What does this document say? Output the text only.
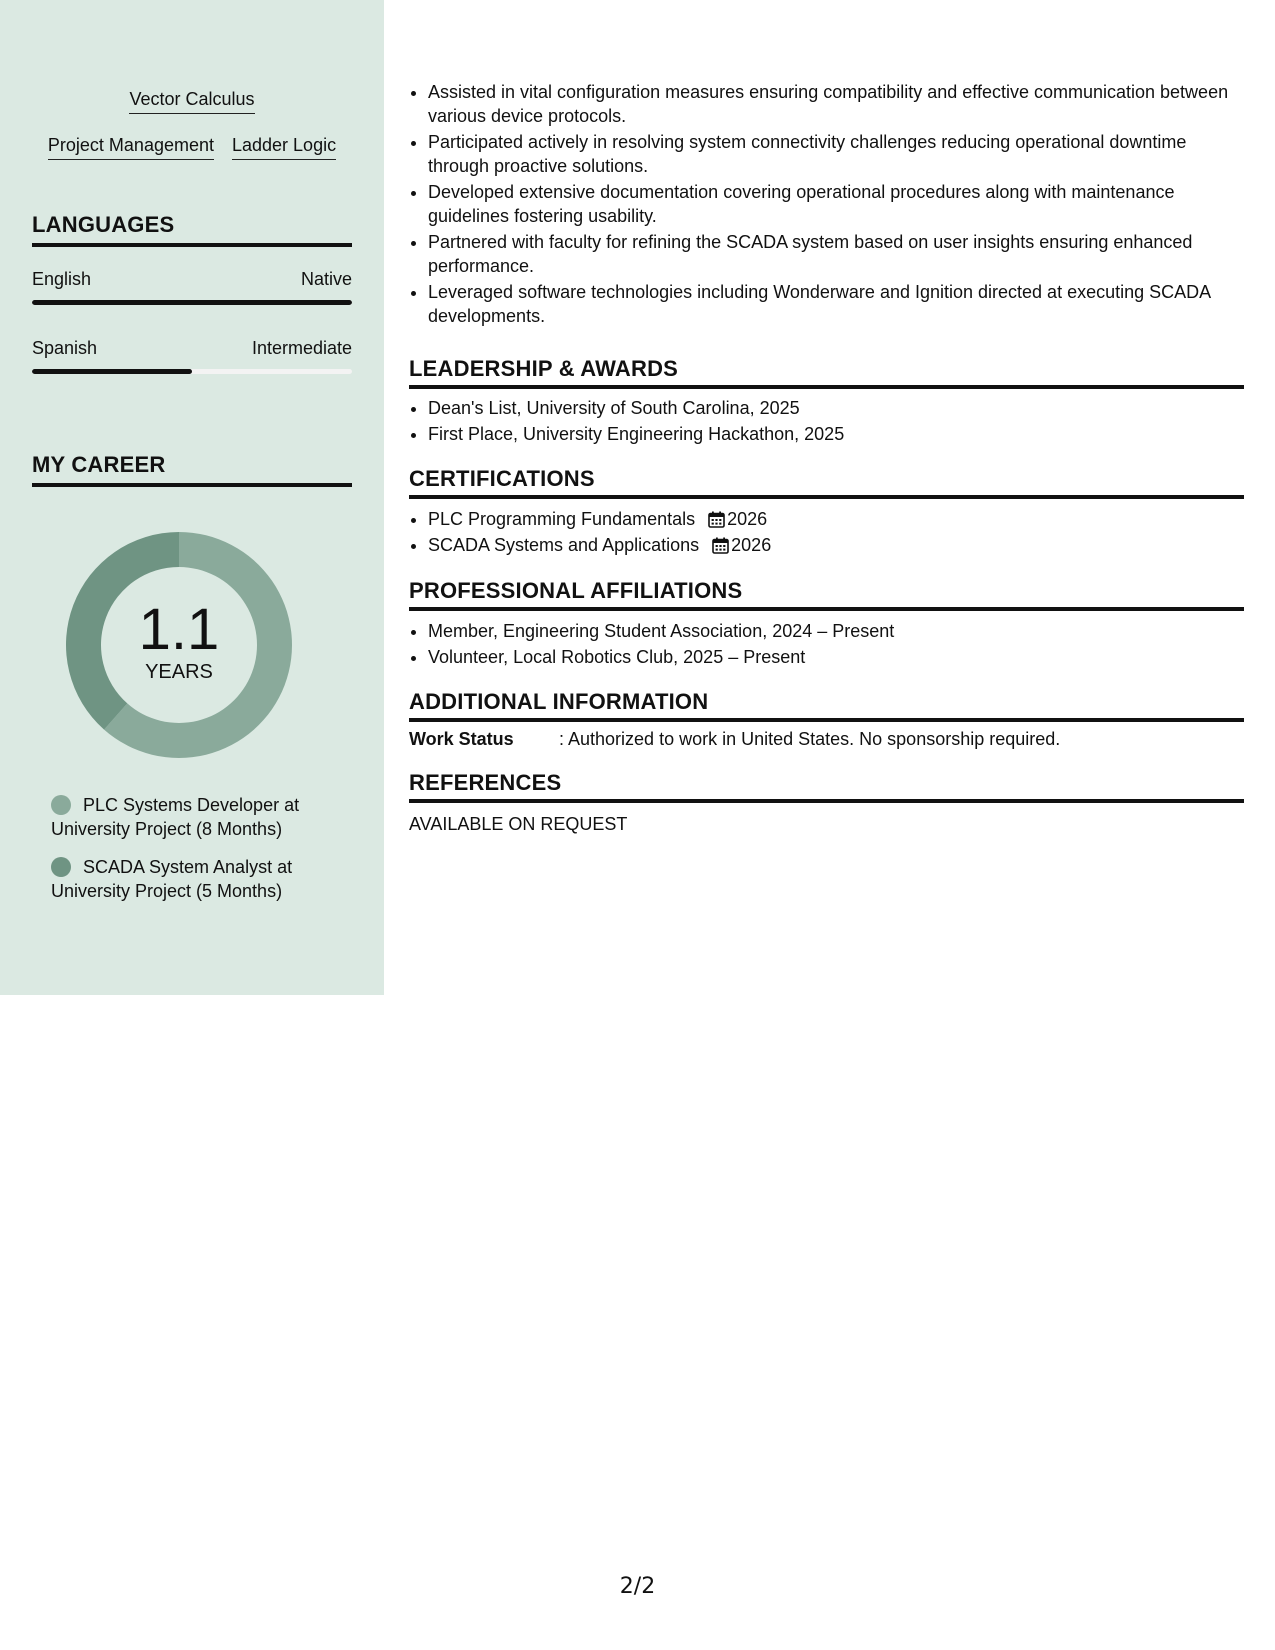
Vector Calculus
Project Management Ladder Logic
LANGUAGES
English	Native
Spanish	Intermediate
MY CAREER
1.1
YEARS
PLC Systems Developer at University Project (8 Months)
SCADA System Analyst at University Project (5 Months)
• Assisted in vital configuration measures ensuring compatibility and effective communication between various device protocols.
• Participated actively in resolving system connectivity challenges reducing operational downtime through proactive solutions.
• Developed extensive documentation covering operational procedures along with maintenance guidelines fostering usability.
• Partnered with faculty for refining the SCADA system based on user insights ensuring enhanced performance.
• Leveraged software technologies including Wonderware and Ignition directed at executing SCADA developments.
LEADERSHIP & AWARDS
• Dean's List, University of South Carolina, 2025
• First Place, University Engineering Hackathon, 2025
CERTIFICATIONS
• PLC Programming Fundamentals 2026
• SCADA Systems and Applications 2026
PROFESSIONAL AFFILIATIONS
• Member, Engineering Student Association, 2024 – Present
• Volunteer, Local Robotics Club, 2025 – Present
ADDITIONAL INFORMATION
Work Status	: Authorized to work in United States. No sponsorship required.
REFERENCES
AVAILABLE ON REQUEST
2/2
